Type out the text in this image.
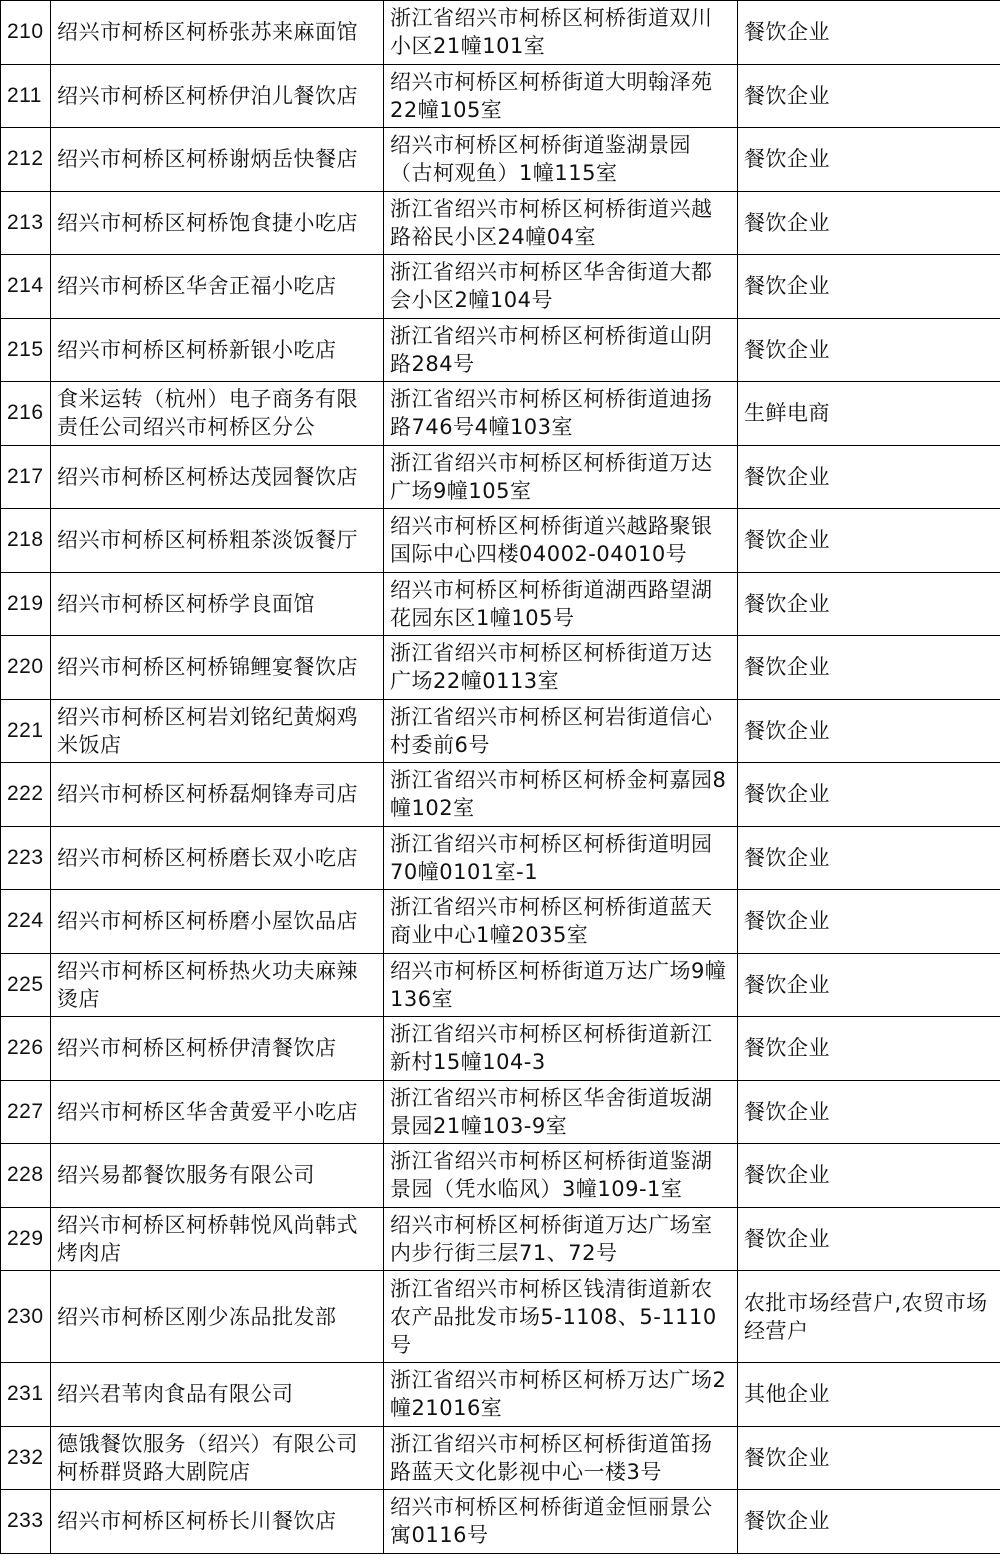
210	绍兴市柯桥区柯桥张苏来麻面馆	浙江省绍兴市柯桥区柯桥街道双川小区21幢101室	餐饮企业
211	绍兴市柯桥区柯桥伊泊儿餐饮店	绍兴市柯桥区柯桥街道大明翰泽苑22幢105室	餐饮企业
212	绍兴市柯桥区柯桥谢炳岳快餐店	绍兴市柯桥区柯桥街道鉴湖景园（古柯观鱼）1幢115室	餐饮企业
213	绍兴市柯桥区柯桥饱食捷小吃店	浙江省绍兴市柯桥区柯桥街道兴越路裕民小区24幢04室	餐饮企业
214	绍兴市柯桥区华舍正福小吃店	浙江省绍兴市柯桥区华舍街道大都会小区2幢104号	餐饮企业
215	绍兴市柯桥区柯桥新银小吃店	浙江省绍兴市柯桥区柯桥街道山阴路284号	餐饮企业
216	食米运转（杭州）电子商务有限责任公司绍兴市柯桥区分公	浙江省绍兴市柯桥区柯桥街道迪扬路746号4幢103室	生鲜电商
217	绍兴市柯桥区柯桥达茂园餐饮店	浙江省绍兴市柯桥区柯桥街道万达广场9幢105室	餐饮企业
218	绍兴市柯桥区柯桥粗茶淡饭餐厅	绍兴市柯桥区柯桥街道兴越路聚银国际中心四楼04002-04010号	餐饮企业
219	绍兴市柯桥区柯桥学良面馆	绍兴市柯桥区柯桥街道湖西路望湖花园东区1幢105号	餐饮企业
220	绍兴市柯桥区柯桥锦鲤宴餐饮店	浙江省绍兴市柯桥区柯桥街道万达广场22幢0113室	餐饮企业
221	绍兴市柯桥区柯岩刘铭纪黄焖鸡米饭店	浙江省绍兴市柯桥区柯岩街道信心村委前6号	餐饮企业
222	绍兴市柯桥区柯桥磊炯锋寿司店	浙江省绍兴市柯桥区柯桥金柯嘉园8幢102室	餐饮企业
223	绍兴市柯桥区柯桥磨长双小吃店	浙江省绍兴市柯桥区柯桥街道明园70幢0101室-1	餐饮企业
224	绍兴市柯桥区柯桥磨小屋饮品店	浙江省绍兴市柯桥区柯桥街道蓝天商业中心1幢2035室	餐饮企业
225	绍兴市柯桥区柯桥热火功夫麻辣烫店	绍兴市柯桥区柯桥街道万达广场9幢136室	餐饮企业
226	绍兴市柯桥区柯桥伊清餐饮店	浙江省绍兴市柯桥区柯桥街道新江新村15幢104-3	餐饮企业
227	绍兴市柯桥区华舍黄爱平小吃店	浙江省绍兴市柯桥区华舍街道坂湖景园21幢103-9室	餐饮企业
228	绍兴易都餐饮服务有限公司	浙江省绍兴市柯桥区柯桥街道鉴湖景园（凭水临风）3幢109-1室	餐饮企业
229	绍兴市柯桥区柯桥韩悦风尚韩式烤肉店	绍兴市柯桥区柯桥街道万达广场室内步行街三层71、72号	餐饮企业
230	绍兴市柯桥区刚少冻品批发部	浙江省绍兴市柯桥区钱清街道新农农产品批发市场5-1108、5-1110号	农批市场经营户,农贸市场经营户
231	绍兴君苇肉食品有限公司	浙江省绍兴市柯桥区柯桥万达广场2幢21016室	其他企业
232	德饿餐饮服务（绍兴）有限公司柯桥群贤路大剧院店	浙江省绍兴市柯桥区柯桥街道笛扬路蓝天文化影视中心一楼3号	餐饮企业
233	绍兴市柯桥区柯桥长川餐饮店	绍兴市柯桥区柯桥街道金恒丽景公寓0116号	餐饮企业
